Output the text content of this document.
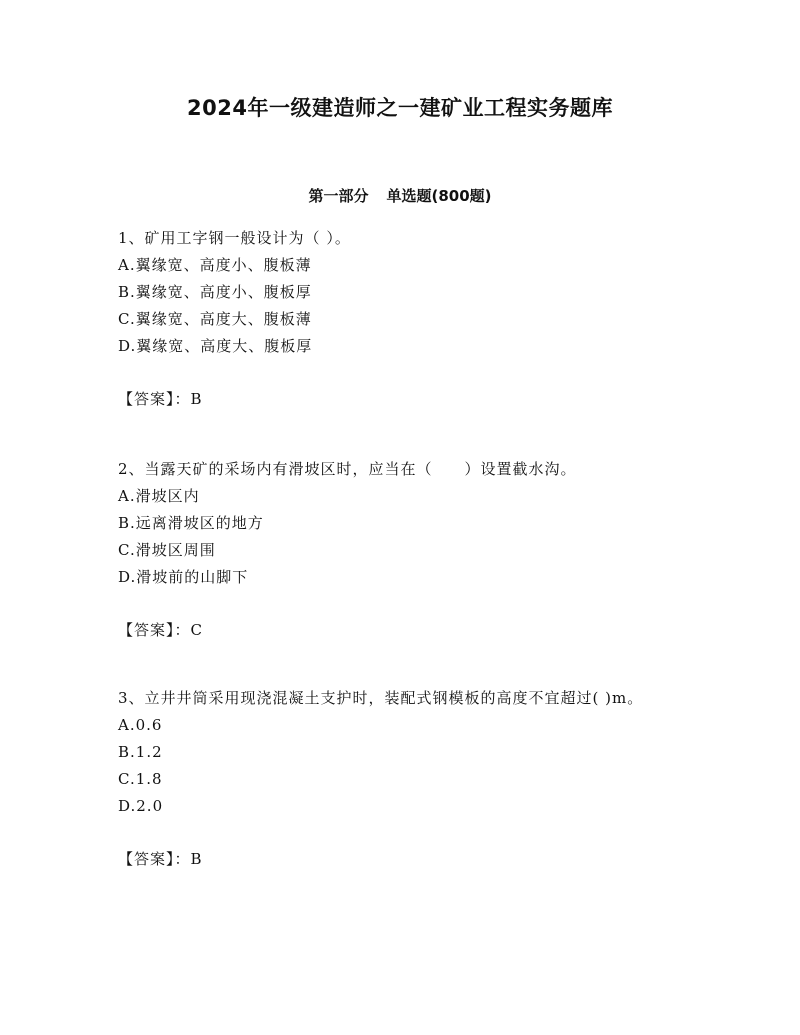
2024年一级建造师之一建矿业工程实务题库
第一部分 单选题(800题)
1、矿用工字钢一般设计为（ ）。
A.翼缘宽、高度小、腹板薄
B.翼缘宽、高度小、腹板厚
C.翼缘宽、高度大、腹板薄
D.翼缘宽、高度大、腹板厚
【答案】：B
2、当露天矿的采场内有滑坡区时，应当在（　　）设置截水沟。
A.滑坡区内
B.远离滑坡区的地方
C.滑坡区周围
D.滑坡前的山脚下
【答案】：C
3、立井井筒采用现浇混凝土支护时，装配式钢模板的高度不宜超过( )m。
A.0.6
B.1.2
C.1.8
D.2.0
【答案】：B
